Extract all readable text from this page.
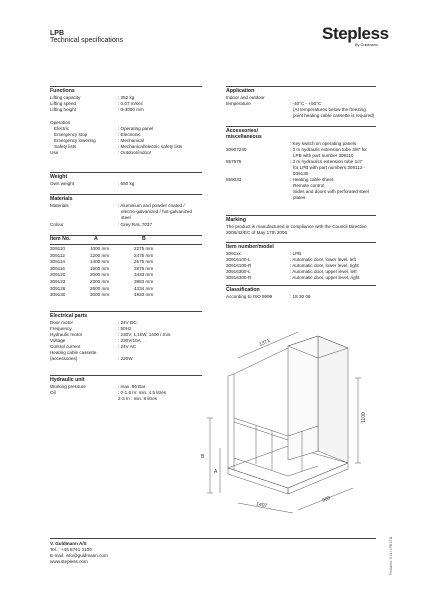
LPB
Technical specifications	Stepless
By Guldmann
Functions
Lifting capacity	: 352 kg
Lifting speed	: 0.07 m/sec
Lifting height	: 0-3000 mm
Operation
Electric	: Operating panel
Emergency stop	: Electronic
Emergency lowering	: Mechanical
Safety lists	: Mechanical/electric safety lists
Use	: Outdoor/indoor
Weight
Own weight	: 650 kg
Materials
Materials	: Aluminium and powder coated /
electro-galvanized / hot-galvanized
steel
Colour	: Grey RAL 7037
Item No.	A	B
309110	1000 mm	2275 mm
309112	1200 mm	2475 mm
309114	1400 mm	2675 mm
309116	1600 mm	2875 mm
309120	2000 mm	3433 mm
309123	2300 mm	3883 mm
309126	2600 mm	4334 mm
309130	3000 mm	4933 mm
Electrical parts
Door motor	: 24V DC
Frequency	: 50Hz
Hydraulic motor	: 230V, 1,1kW, 1400 r.min.
Voltage	: 230V/10A
Control current	: 24V AC
Heating cable cassette
(accessories)	: 220W
Hydraulic unit
Working pressure	: max. 86 Bar
Oil	: 0-1.6 m: min. 4.5 litres
2-3 m : min. 8 litres
Application
Indoor and outdoor
temperature	: -40°C - +50°C
(At temperatures below the freezing
point heating cable cassette is required)
Accessories/
miscellaneous
: Key switch on operating panels
30907240	: 3 m hydraulic extension tube 3/8" for
LPB with part number 309110
557575	: 3 m hydraulics extension tube 1/4"
for LPB with part numbers 309112 -
039130
559033	: Heating cable sheet
Remote control
Sides and doors with perforated steel
plates
Marking
The product is manufactured in compliance with the Council Directive
2006/42/EC of May 17th 2006.
Item number/model
3091xx	: LPB
30916100-L	: Automatic door, lower level, left
30916100-R	: Automatic door, lower level, right
30916300-L	: Automatic door, upper level, left
30916300-R	: Automatic door, upper level, right
Classification
According to ISO 9999	: 18 30 06
1371
1100
1407
909
B
A
V. Guldmann A/S
Tel. : +45 8741 3100
E-mail: info@guldmann.com
www.stepless.com	Produktnr.: 6.11 / LPB 0711
